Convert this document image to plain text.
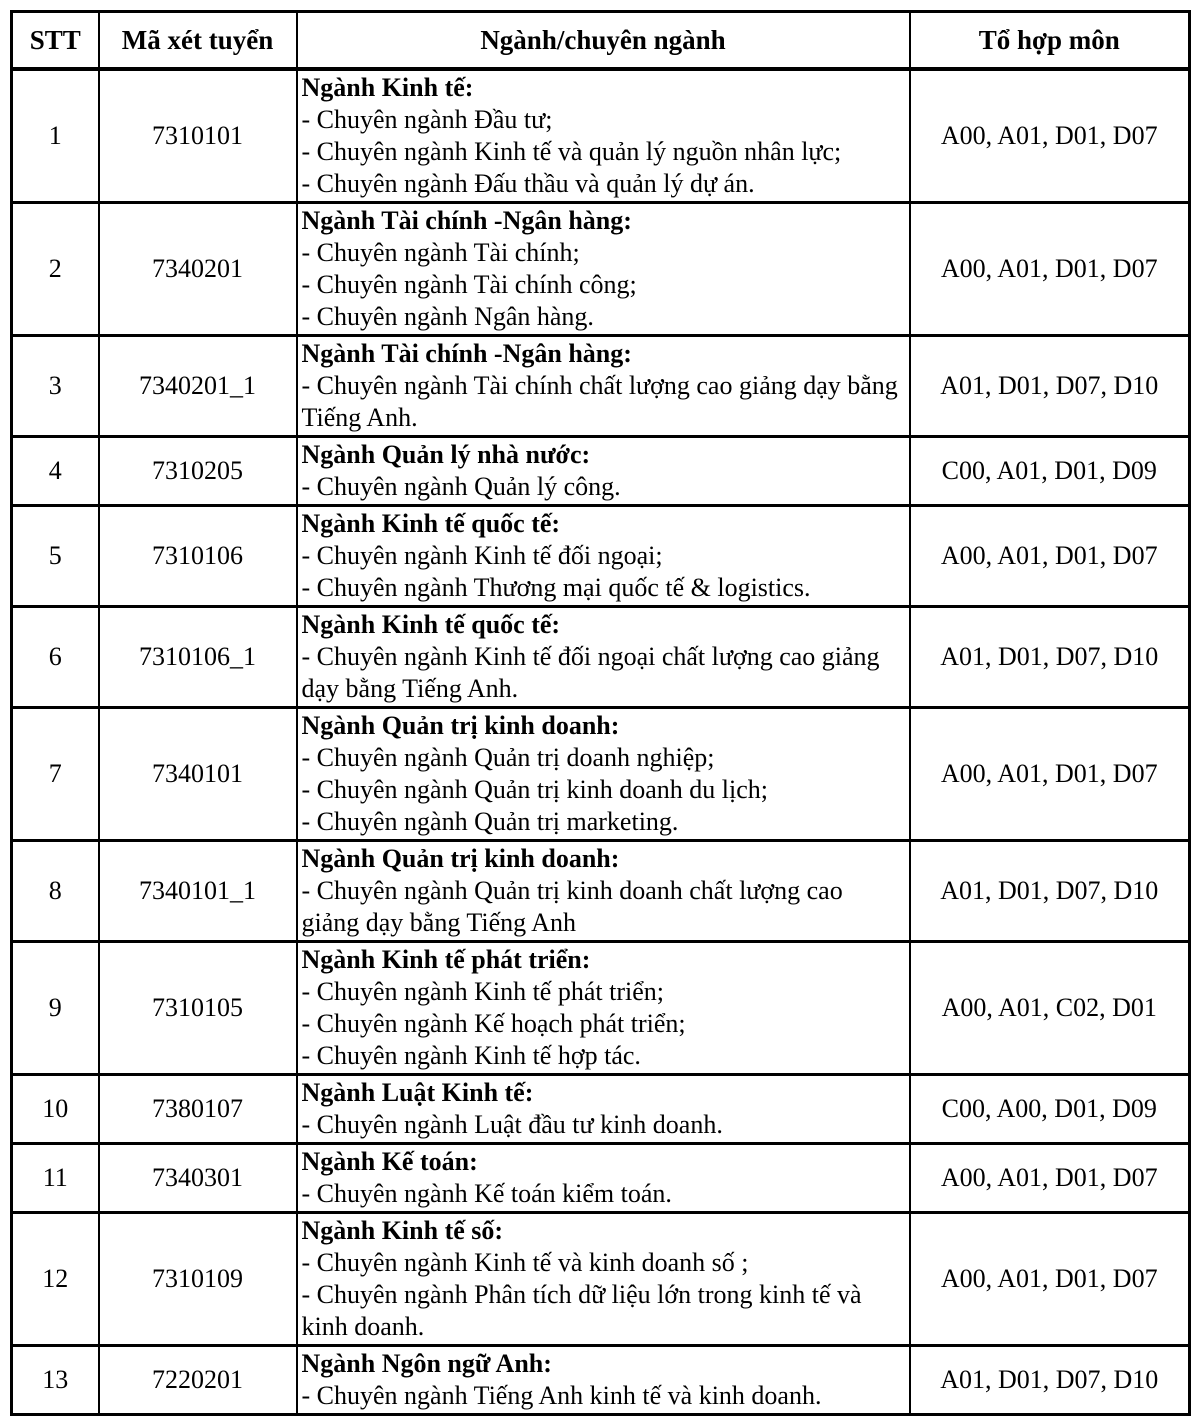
STT	Mã xét tuyển	Ngành/chuyên ngành	Tổ hợp môn
1	7310101	Ngành Kinh tế:
- Chuyên ngành Đầu tư;
- Chuyên ngành Kinh tế và quản lý nguồn nhân lực;
- Chuyên ngành Đấu thầu và quản lý dự án.	A00, A01, D01, D07
2	7340201	Ngành Tài chính -Ngân hàng:
- Chuyên ngành Tài chính;
- Chuyên ngành Tài chính công;
- Chuyên ngành Ngân hàng.	A00, A01, D01, D07
3	7340201_1	Ngành Tài chính -Ngân hàng:
- Chuyên ngành Tài chính chất lượng cao giảng dạy bằng Tiếng Anh.	A01, D01, D07, D10
4	7310205	Ngành Quản lý nhà nước:
- Chuyên ngành Quản lý công.	C00, A01, D01, D09
5	7310106	Ngành Kinh tế quốc tế:
- Chuyên ngành Kinh tế đối ngoại;
- Chuyên ngành Thương mại quốc tế & logistics.	A00, A01, D01, D07
6	7310106_1	Ngành Kinh tế quốc tế:
- Chuyên ngành Kinh tế đối ngoại chất lượng cao giảng dạy bằng Tiếng Anh.	A01, D01, D07, D10
7	7340101	Ngành Quản trị kinh doanh:
- Chuyên ngành Quản trị doanh nghiệp;
- Chuyên ngành Quản trị kinh doanh du lịch;
- Chuyên ngành Quản trị marketing.	A00, A01, D01, D07
8	7340101_1	Ngành Quản trị kinh doanh:
- Chuyên ngành Quản trị kinh doanh chất lượng cao giảng dạy bằng Tiếng Anh	A01, D01, D07, D10
9	7310105	Ngành Kinh tế phát triển:
- Chuyên ngành Kinh tế phát triển;
- Chuyên ngành Kế hoạch phát triển;
- Chuyên ngành Kinh tế hợp tác.	A00, A01, C02, D01
10	7380107	Ngành Luật Kinh tế:
- Chuyên ngành Luật đầu tư kinh doanh.	C00, A00, D01, D09
11	7340301	Ngành Kế toán:
- Chuyên ngành Kế toán kiểm toán.	A00, A01, D01, D07
12	7310109	Ngành Kinh tế số:
- Chuyên ngành Kinh tế và kinh doanh số ;
- Chuyên ngành Phân tích dữ liệu lớn trong kinh tế và kinh doanh.	A00, A01, D01, D07
13	7220201	Ngành Ngôn ngữ Anh:
- Chuyên ngành Tiếng Anh kinh tế và kinh doanh.	A01, D01, D07, D10
